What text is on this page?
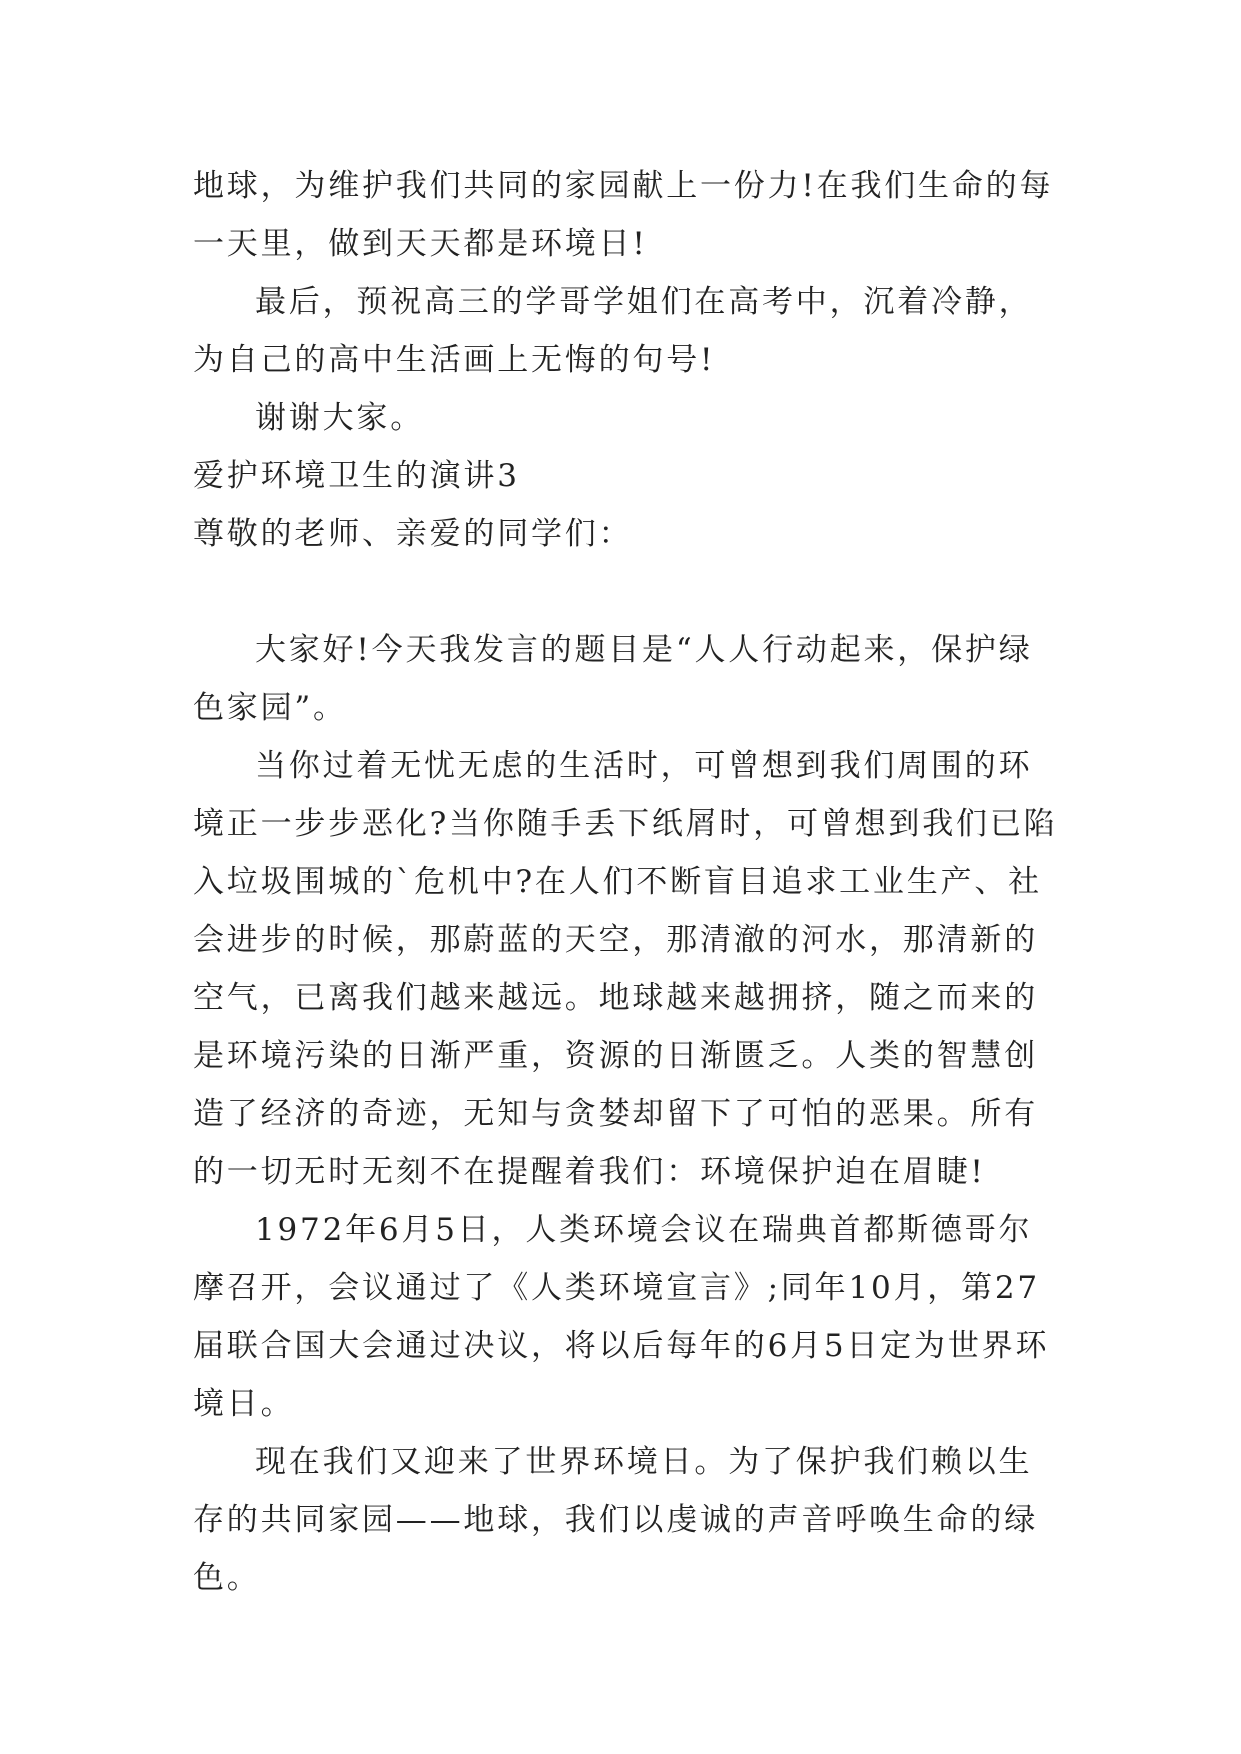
地球，为维护我们共同的家园献上一份力!在我们生命的每一天里，做到天天都是环境日!

最后，预祝高三的学哥学姐们在高考中，沉着冷静，为自己的高中生活画上无悔的句号!

谢谢大家。

爱护环境卫生的演讲3

尊敬的老师、亲爱的同学们：

大家好!今天我发言的题目是“人人行动起来，保护绿色家园”。

当你过着无忧无虑的生活时，可曾想到我们周围的环境正一步步恶化?当你随手丢下纸屑时，可曾想到我们已陷入垃圾围城的`危机中?在人们不断盲目追求工业生产、社会进步的时候，那蔚蓝的天空，那清澈的河水，那清新的空气，已离我们越来越远。地球越来越拥挤，随之而来的是环境污染的日渐严重，资源的日渐匮乏。人类的智慧创造了经济的奇迹，无知与贪婪却留下了可怕的恶果。所有的一切无时无刻不在提醒着我们：环境保护迫在眉睫!

1972年6月5日，人类环境会议在瑞典首都斯德哥尔摩召开，会议通过了《人类环境宣言》;同年10月，第27届联合国大会通过决议，将以后每年的6月5日定为世界环境日。

现在我们又迎来了世界环境日。为了保护我们赖以生存的共同家园——地球，我们以虔诚的声音呼唤生命的绿色。
